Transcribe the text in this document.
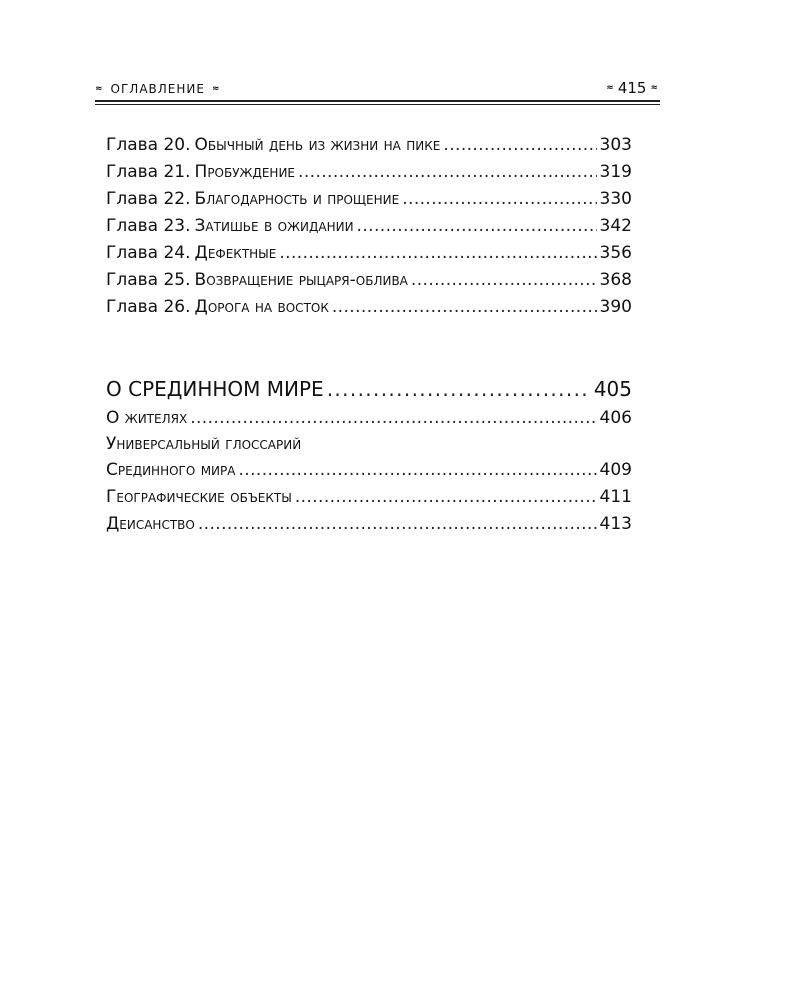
≈ ОГЛАВЛЕНИЕ ≈	≈ 415 ≈
Глава 20. Обычный день из жизни на пике . . .	303
Глава 21. Пробуждение . . .	319
Глава 22. Благодарность и прощение . . .	330
Глава 23. Затишье в ожидании . . .	342
Глава 24. Дефектные . . .	356
Глава 25. Возвращение рыцаря-облива . . .	368
Глава 26. Дорога на восток . . .	390
О СРЕДИННОМ МИРЕ . . .	405
О жителях . . .	406
Универсальный глоссарий
Срединного мира . . .	409
Географические объекты . . .	411
Деисанство . . .	413
